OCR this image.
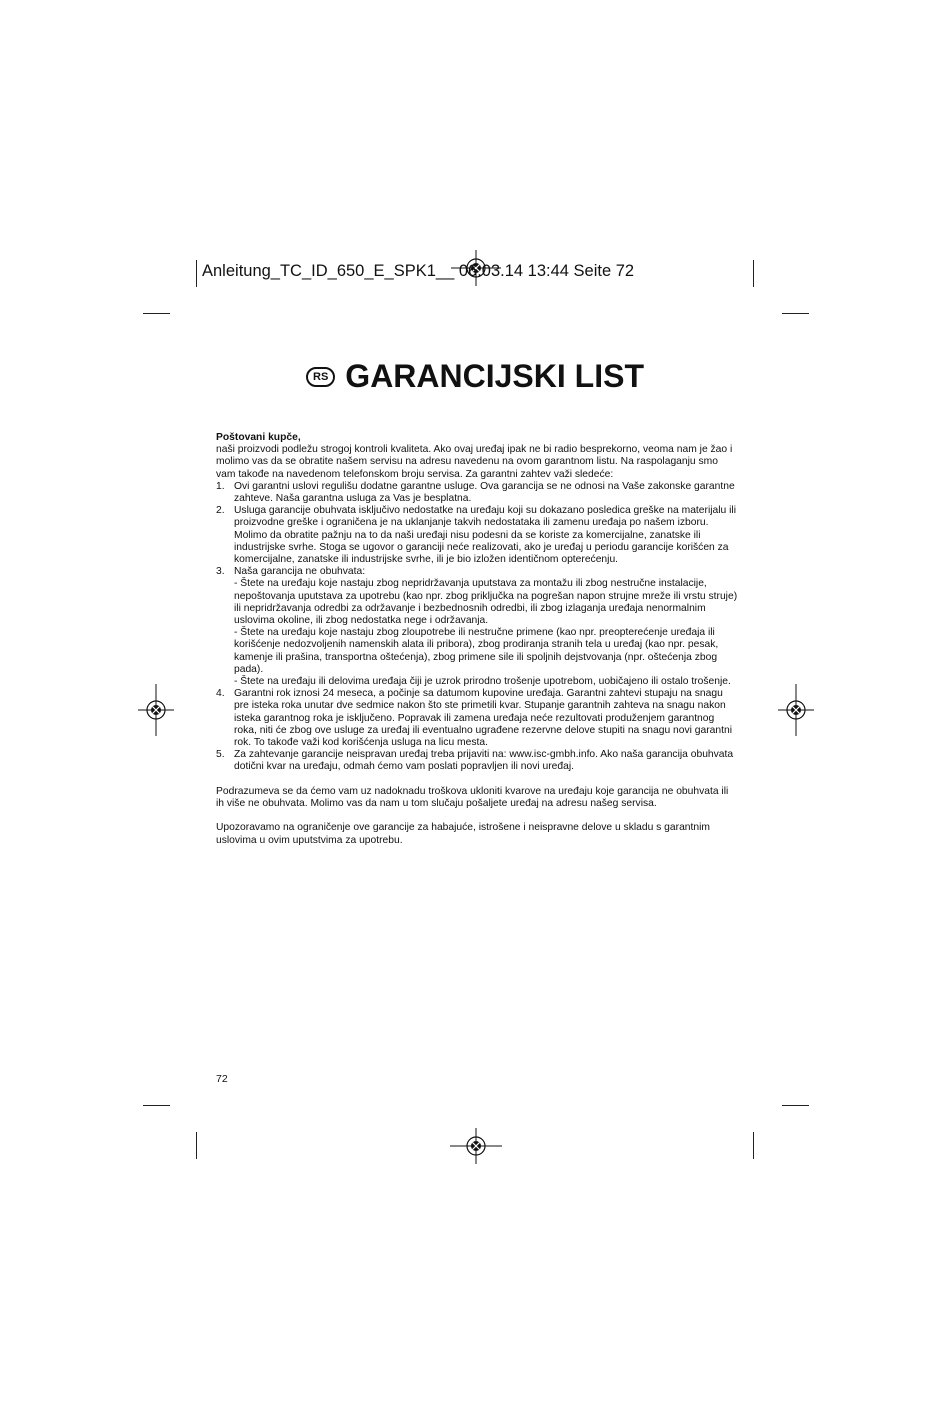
Anleitung_TC_ID_650_E_SPK1__ 06.03.14 13:44 Seite 72
RS GARANCIJSKI LIST

Poštovani kupče,

naši proizvodi podležu strogoj kontroli kvaliteta. Ako ovaj uređaj ipak ne bi radio besprekorno, veoma nam je žao i molimo vas da se obratite našem servisu na adresu navedenu na ovom garantnom listu. Na raspolaganju smo vam takođe na navedenom telefonskom broju servisa. Za garantni zahtev važi sledeće:

1. Ovi garantni uslovi regulišu dodatne garantne usluge. Ova garancija se ne odnosi na Vaše zakonske garantne zahteve. Naša garantna usluga za Vas je besplatna.
2. Usluga garancije obuhvata isključivo nedostatke na uređaju koji su dokazano posledica greške na materijalu ili proizvodne greške i ograničena je na uklanjanje takvih nedostataka ili zamenu uređaja po našem izboru. Molimo da obratite pažnju na to da naši uređaji nisu podesni da se koriste za komercijalne, zanatske ili industrijske svrhe. Stoga se ugovor o garanciji neće realizovati, ako je uređaj u periodu garancije korišćen za komercijalne, zanatske ili industrijske svrhe, ili je bio izložen identičnom opterećenju.
3. Naša garancija ne obuhvata:
- Štete na uređaju koje nastaju zbog nepridržavanja uputstava za montažu ili zbog nestručne instalacije, nepoštovanja uputstava za upotrebu (kao npr. zbog priključka na pogrešan napon strujne mreže ili vrstu struje) ili nepridržavanja odredbi za održavanje i bezbednosnih odredbi, ili zbog izlaganja uređaja nenormalnim uslovima okoline, ili zbog nedostatka nege i održavanja.
- Štete na uređaju koje nastaju zbog zloupotrebe ili nestručne primene (kao npr. preopterećenje uređaja ili korišćenje nedozvoljenih namenskih alata ili pribora), zbog prodiranja stranih tela u uređaj (kao npr. pesak, kamenje ili prašina, transportna oštećenja), zbog primene sile ili spoljnih dejstvovanja (npr. oštećenja zbog pada).
- Štete na uređaju ili delovima uređaja čiji je uzrok prirodno trošenje upotrebom, uobičajeno ili ostalo trošenje.
4. Garantni rok iznosi 24 meseca, a počinje sa datumom kupovine uređaja. Garantni zahtevi stupaju na snagu pre isteka roka unutar dve sedmice nakon što ste primetili kvar. Stupanje garantnih zahteva na snagu nakon isteka garantnog roka je isključeno. Popravak ili zamena uređaja neće rezultovati produženjem garantnog roka, niti će zbog ove usluge za uređaj ili eventualno ugrađene rezervne delove stupiti na snagu novi garantni rok. To takođe važi kod korišćenja usluga na licu mesta.
5. Za zahtevanje garancije neispravan uređaj treba prijaviti na: www.isc-gmbh.info. Ako naša garancija obuhvata dotični kvar na uređaju, odmah ćemo vam poslati popravljen ili novi uređaj.

Podrazumeva se da ćemo vam uz nadoknadu troškova ukloniti kvarove na uređaju koje garancija ne obuhvata ili ih više ne obuhvata. Molimo vas da nam u tom slučaju pošaljete uređaj na adresu našeg servisa.

Upozoravamo na ograničenje ove garancije za habajuće, istrošene i neispravne delove u skladu s garantnim uslovima u ovim uputstvima za upotrebu.

72
